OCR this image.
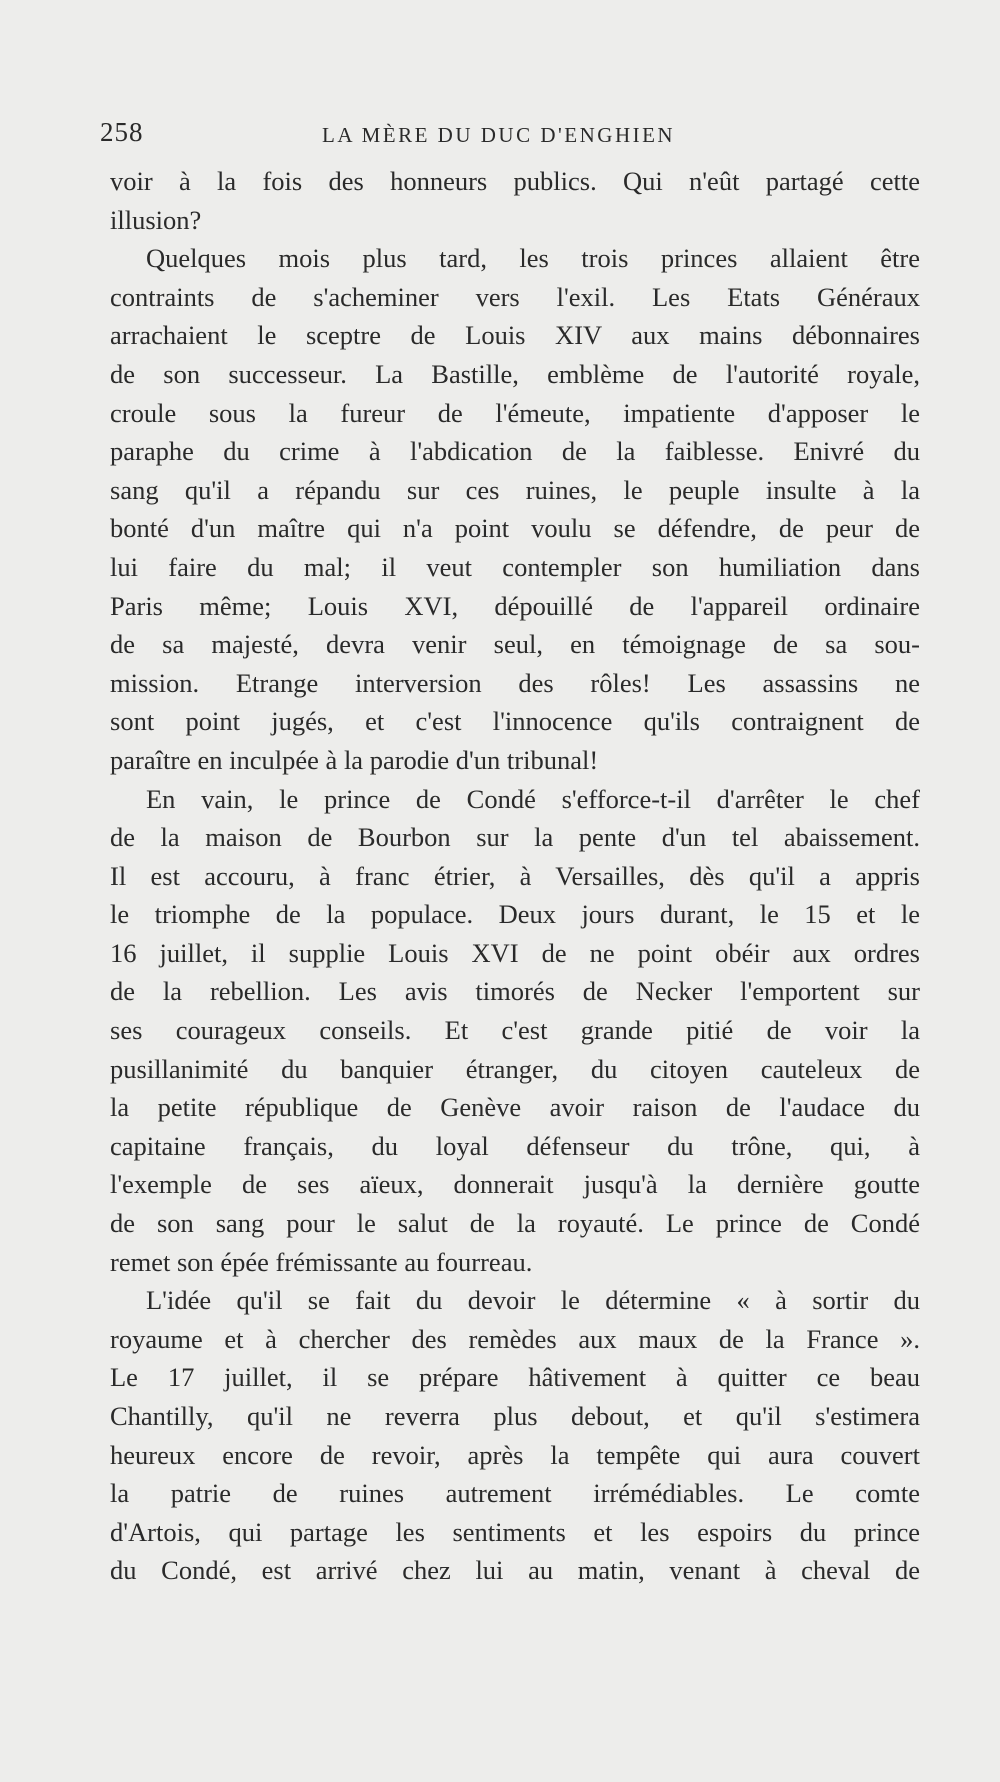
258	LA MÈRE DU DUC D'ENGHIEN
voir à la fois des honneurs publics. Qui n'eût partagé cette
illusion?
Quelques mois plus tard, les trois princes allaient être
contraints de s'acheminer vers l'exil. Les Etats Généraux
arrachaient le sceptre de Louis XIV aux mains débonnaires
de son successeur. La Bastille, emblème de l'autorité royale,
croule sous la fureur de l'émeute, impatiente d'apposer le
paraphe du crime à l'abdication de la faiblesse. Enivré du
sang qu'il a répandu sur ces ruines, le peuple insulte à la
bonté d'un maître qui n'a point voulu se défendre, de peur de
lui faire du mal; il veut contempler son humiliation dans
Paris même; Louis XVI, dépouillé de l'appareil ordinaire
de sa majesté, devra venir seul, en témoignage de sa sou-
mission. Etrange interversion des rôles! Les assassins ne
sont point jugés, et c'est l'innocence qu'ils contraignent de
paraître en inculpée à la parodie d'un tribunal!
En vain, le prince de Condé s'efforce-t-il d'arrêter le chef
de la maison de Bourbon sur la pente d'un tel abaissement.
Il est accouru, à franc étrier, à Versailles, dès qu'il a appris
le triomphe de la populace. Deux jours durant, le 15 et le
16 juillet, il supplie Louis XVI de ne point obéir aux ordres
de la rebellion. Les avis timorés de Necker l'emportent sur
ses courageux conseils. Et c'est grande pitié de voir la
pusillanimité du banquier étranger, du citoyen cauteleux de
la petite république de Genève avoir raison de l'audace du
capitaine français, du loyal défenseur du trône, qui, à
l'exemple de ses aïeux, donnerait jusqu'à la dernière goutte
de son sang pour le salut de la royauté. Le prince de Condé
remet son épée frémissante au fourreau.
L'idée qu'il se fait du devoir le détermine « à sortir du
royaume et à chercher des remèdes aux maux de la France ».
Le 17 juillet, il se prépare hâtivement à quitter ce beau
Chantilly, qu'il ne reverra plus debout, et qu'il s'estimera
heureux encore de revoir, après la tempête qui aura couvert
la patrie de ruines autrement irrémédiables. Le comte
d'Artois, qui partage les sentiments et les espoirs du prince
du Condé, est arrivé chez lui au matin, venant à cheval de
